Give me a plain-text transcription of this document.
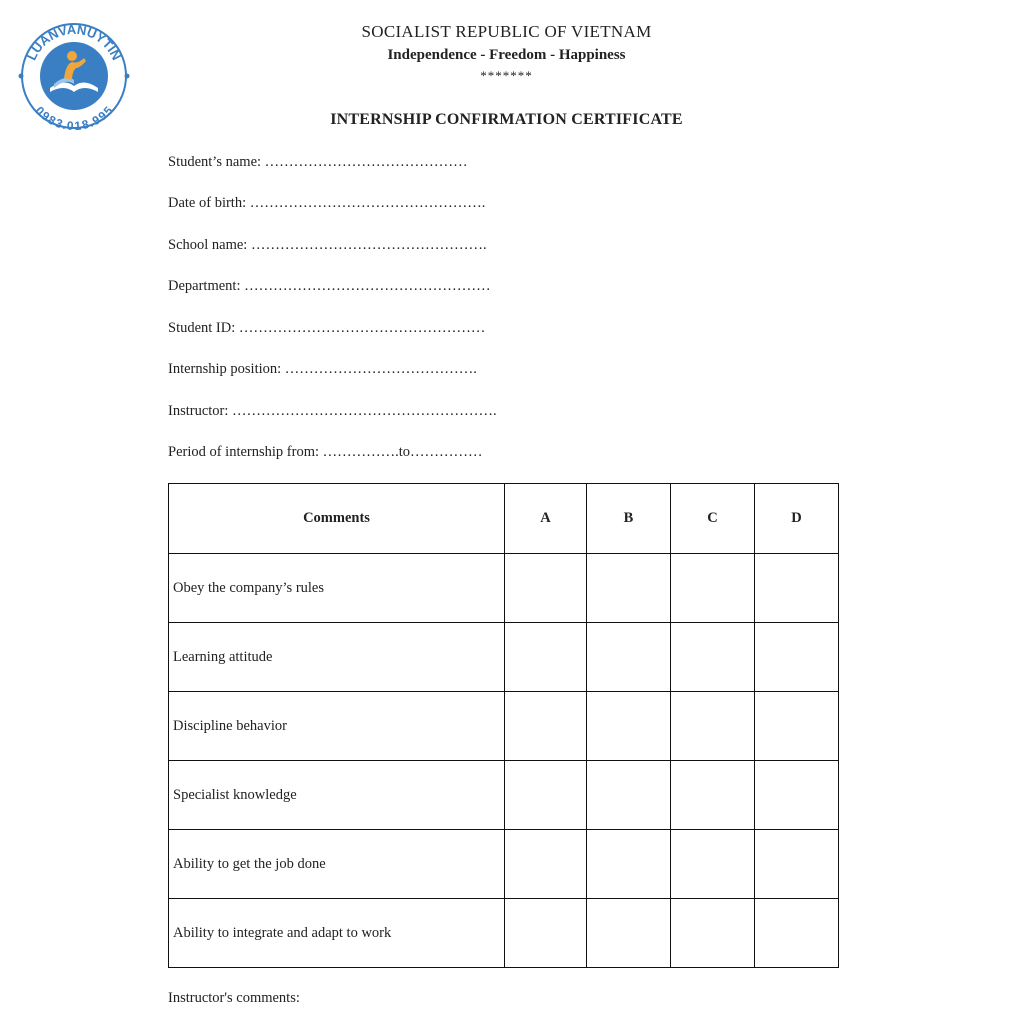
LUANVANUYTIN
0983.018.995
SOCIALIST REPUBLIC OF VIETNAM
Independence - Freedom - Happiness
*******
INTERNSHIP CONFIRMATION CERTIFICATE
Student’s name: ……………………………………
Date of birth: ………………………………………….
School name: ………………………………………….
Department: ……………………………………………
Student ID: ……………………………………………
Internship position: ………………………………….
Instructor: ……………………………………………….
Period of internship from: …………….to……………
Comments	A	B	C	D
Obey the company’s rules				
Learning attitude				
Discipline behavior				
Specialist knowledge				
Ability to get the job done				
Ability to integrate and adapt to work				
Instructor's comments:
